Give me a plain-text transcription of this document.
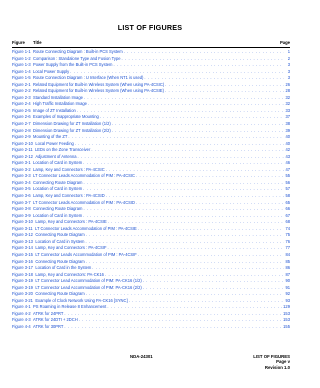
LIST OF FIGURES
Figure Title	Page
Figure 1-1 Route Connecting Diagram : Built-in PCS System . . .	1
Figure 1-2 Comparison : Standalone Type and Fusion Type . . .	2
Figure 1-3 Power Supply from the Built-in PCS System . . .	3
Figure 1-4 Local Power Supply . . .	3
Figure 1-5 Route Connection Diagram : U Interface (When NT1 is used) . . .	3
Figure 2-1 Related Equipment for Built-in Wireless System (When using PA-4CSIC) . . .	26
Figure 2-2 Related Equipment for Built-in Wireless System (When using PA-4CSIE) . . .	28
Figure 2-3 Standard Installation Image . . .	32
Figure 2-4 High Traffic Installation Image . . .	32
Figure 2-5 Image of ZT Installation . . .	33
Figure 2-6 Examples of Inappropriate Mounting . . .	37
Figure 2-7 Dimension Drawing for ZT Installation (1/2) . . .	38
Figure 2-8 Dimension Drawing for ZT Installation (2/2) . . .	39
Figure 2-9 Mounting of the ZT . . .	40
Figure 2-10 Local Power Feeding . . .	40
Figure 2-11 LEDs on the Zone Transceiver . . .	42
Figure 2-12 Adjustment of Antenna . . .	43
Figure 3-1 Location of Card in System . . .	46
Figure 3-2 Lamp, Key and Connectors : PA-4CSIC . . .	47
Figure 3-3 LT Connector Leads Accommodation of PIM : PA-4CSIC . . .	55
Figure 3-4 Connecting Route Diagram . . .	56
Figure 3-5 Location of Card in System . . .	57
Figure 3-6 Lamp, Key and Connectors : PA-4CSID . . .	58
Figure 3-7 LT Connector Leads Accommodation of PIM : PA-4CSID . . .	65
Figure 3-8 Connecting Route Diagram . . .	66
Figure 3-9 Location of Card in System . . .	67
Figure 3-10 Lamp, Key and Connectors : PA-4CSIE . . .	68
Figure 3-11 LT Connector Leads Accommodation of PIM : PA-4CSIE . . .	74
Figure 3-12 Connecting Route Diagram . . .	75
Figure 3-13 Location of Card in System . . .	76
Figure 3-14 Lamp, Key and Connectors : PA-4CSIF . . .	77
Figure 3-15 LT Connector Leads Accommodation of PIM : PA-4CSIF . . .	84
Figure 3-16 Connecting Route Diagram . . .	85
Figure 3-17 Location of Card in the System . . .	86
Figure 3-18 Lamp, Key and Connectors: PA-CK16 . . .	87
Figure 3-19 LT Connector Lead Accommodation of PIM: PA-CK16 (1/2) . . .	90
Figure 3-19 LT Connector Lead Accommodation of PIM: PA-CK16 (2/2) . . .	91
Figure 3-20 Connecting Route Diagram . . .	92
Figure 3-21 Example of Clock Network Using PA-CK16 [SYNC] . . .	93
Figure 4-1 PS Roaming in Release 8 Enhancement . . .	129
Figure 4-2 ATRK for 24PRT . . .	153
Figure 4-3 ATRK for 24DTI + 2DCH . . .	153
Figure 4-4 ATRK for 30PRT . . .	155
NDA-24301	LIST OF FIGURES
Page v
Revision 1.0
